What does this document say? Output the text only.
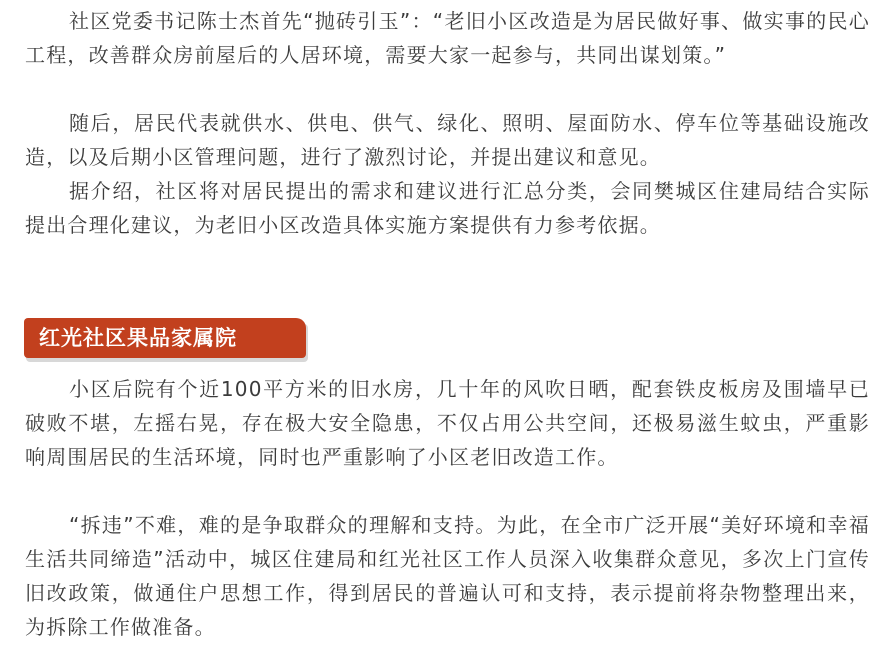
社区党委书记陈士杰首先“抛砖引玉”：“老旧小区改造是为居民做好事、做实事的民心工程，改善群众房前屋后的人居环境，需要大家一起参与，共同出谋划策。”

随后，居民代表就供水、供电、供气、绿化、照明、屋面防水、停车位等基础设施改造，以及后期小区管理问题，进行了激烈讨论，并提出建议和意见。

据介绍，社区将对居民提出的需求和建议进行汇总分类，会同樊城区住建局结合实际提出合理化建议，为老旧小区改造具体实施方案提供有力参考依据。

红光社区果品家属院

小区后院有个近100平方米的旧水房，几十年的风吹日晒，配套铁皮板房及围墙早已破败不堪，左摇右晃，存在极大安全隐患，不仅占用公共空间，还极易滋生蚊虫，严重影响周围居民的生活环境，同时也严重影响了小区老旧改造工作。

“拆违”不难，难的是争取群众的理解和支持。为此，在全市广泛开展“美好环境和幸福生活共同缔造”活动中，城区住建局和红光社区工作人员深入收集群众意见，多次上门宣传旧改政策，做通住户思想工作，得到居民的普遍认可和支持，表示提前将杂物整理出来，为拆除工作做准备。
